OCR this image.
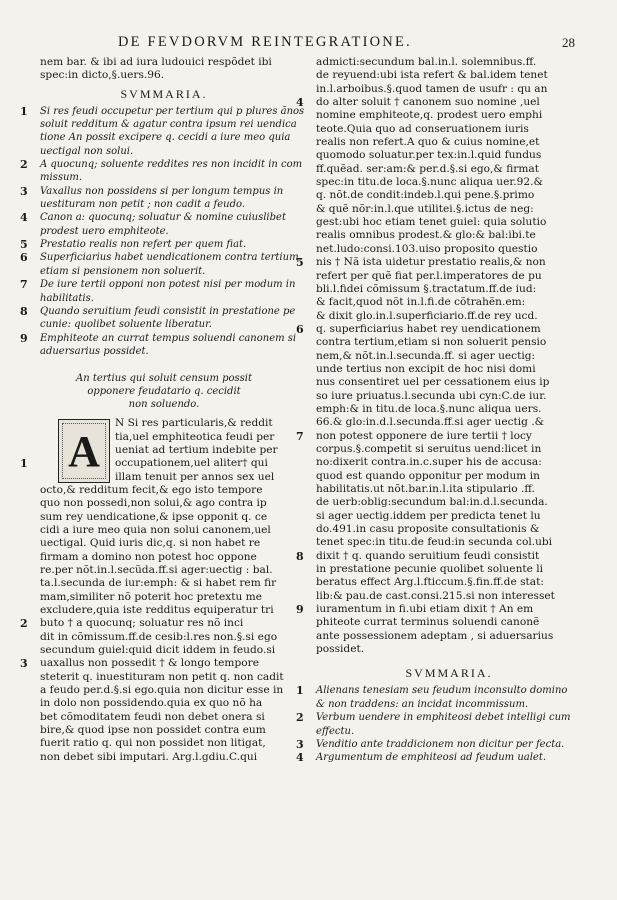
DE FEVDORVM REINTEGRATIONE.	28
nem bar. & ibi ad iura ludouici respõdet ibi
spec:in dicto,§.uers.96.
SVMMARIA.
1	Si res feudi occupetur per tertium qui p plures ãnos
soluit redditum & agatur contra ipsum rei uendica
tione An possit excipere q. cecidi a iure meo quia
uectigal non solui.
2	A quocunq; soluente reddites res non incidit in com
missum.
3	Vaxallus non possidens si per longum tempus in
uestituram non petit ; non cadit a feudo.
4	Canon a: quocunq; soluatur & nomine cuiuslibet
prodest uero emphiteote.
5	Prestatio realis non refert per quem fiat.
6	Superficiarius habet uendicationem contra tertium
etiam si pensionem non soluerit.
7	De iure tertii opponi non potest nisi per modum in
habilitatis.
8	Quando seruitium feudi consistit in prestatione pe
cunie: quolibet soluente liberatur.
9	Emphiteote an currat tempus soluendi canonem si
aduersarius possidet.
An tertius qui soluit censum possit
opponere feudatario q. cecidit
non soluendo.
A
N Si res particularis,& reddit
tia,uel emphiteotica feudi per
ueniat ad tertium indebite per
1	occupationem,uel aliter† qui
illam tenuit per annos sex uel
octo,& redditum fecit,& ego isto tempore
quo non possedi,non solui,& ago contra ip
sum rey uendicatione,& ipse opponit q. ce
cidi a iure meo quia non solui canonem,uel
uectigal. Quid iuris dic,q. si non habet re
firmam a domino non potest hoc oppone
re.per nõt.in.l.secũda.ff.si ager:uectig : bal.
ta.l.secunda de iur:emph: & si habet rem fir
mam,similiter nõ poterit hoc pretextu me
excludere,quia iste redditus equiperatur tri
2	buto † a quocunq; soluatur res nõ inci
dit in cõmissum.ff.de cesib:l.res non.§.si ego
secundum guiel:quid dicit iddem in feudo.si
3	uaxallus non possedit † & longo tempore
steterit q. inuestituram non petit q. non cadit
a feudo per.d.§.si ego.quia non dicitur esse in
in dolo non possidendo.quia ex quo nõ ha
bet cõmoditatem feudi non debet onera si
bire,& quod ipse non possidet contra eum
fuerit ratio q. qui non possidet non litigat,
non debet sibi imputari. Arg.l.gdiu.C.qui
admicti:secundum bal.in.l. solemnibus.ff.
de reyuend:ubi ista refert & bal.idem tenet
in.l.arboibus.§.quod tamen de usufr : qu an
4	do alter soluit † canonem suo nomine ,uel
nomine emphiteote,q. prodest uero emphi
teote.Quia quo ad conseruationem iuris
realis non refert.A quo & cuius nomine,et
quomodo soluatur.per tex:in.l.quid fundus
ff.quẽad. ser:am:& per.d.§.si ego,& firmat
spec:in titu.de loca.§.nunc aliqua uer.92.&
q. nõt.de condit:indeb.l.qui pene.§.primo
& quẽ nõr:in.l.que utilitei.§.ictus de neg:
gest:ubi hoc etiam tenet guiel: quia solutio
realis omnibus prodest.& glo:& bal:ibi.te
net.ludo:consi.103.uiso proposito questio
5	nis † Nã ista uidetur prestatio realis,& non
refert per quẽ fiat per.l.imperatores de pu
bli.l.fidei cõmissum §.tractatum.ff.de iud:
& facit,quod nõt in.l.fi.de cõtrahẽn.em:
& dixit glo.in.l.superficiario.ff.de rey ucd.
6	q. superficiarius habet rey uendicationem
contra tertium,etiam si non soluerit pensio
nem,& nõt.in.l.secunda.ff. si ager uectig:
unde tertius non excipit de hoc nisi domi
nus consentiret uel per cessationem eius ip
so iure priuatus.l.secunda ubi cyn:C.de iur.
emph:& in titu.de loca.§.nunc aliqua uers.
66.& glo:in.d.l.secunda.ff.si ager uectig .&
7	non potest opponere de iure tertii † locy
corpus.§.competit si seruitus uend:licet in
no:dixerit contra.in.c.super his de accusa:
quod est quando opponitur per modum in
habilitatis.ut nõt.bar.in.l.ita stipulario .ff.
de uerb:oblig:secundum bal:in.d.l.secunda.
si ager uectig.iddem per predicta tenet lu
do.491.in casu proposite consultationis &
tenet spec:in titu.de feud:in secunda col.ubi
8	dixit † q. quando seruitium feudi consistit
in prestatione pecunie quolibet soluente li
beratus effect Arg.l.fticcum.§.fin.ff.de stat:
lib:& pau.de cast.consi.215.si non interesset
9	iuramentum in fi.ubi etiam dixit † An em
phiteote currat terminus soluendi canonẽ
ante possessionem adeptam , si aduersarius
possidet.
SVMMARIA.
1	Alienans tenesiam seu feudum inconsulto domino
& non traddens: an incidat incommissum.
2	Verbum uendere in emphiteosi debet intelligi cum
effectu.
3	Venditio ante traddicionem non dicitur per fecta.
4	Argumentum de emphiteosi ad feudum ualet.
